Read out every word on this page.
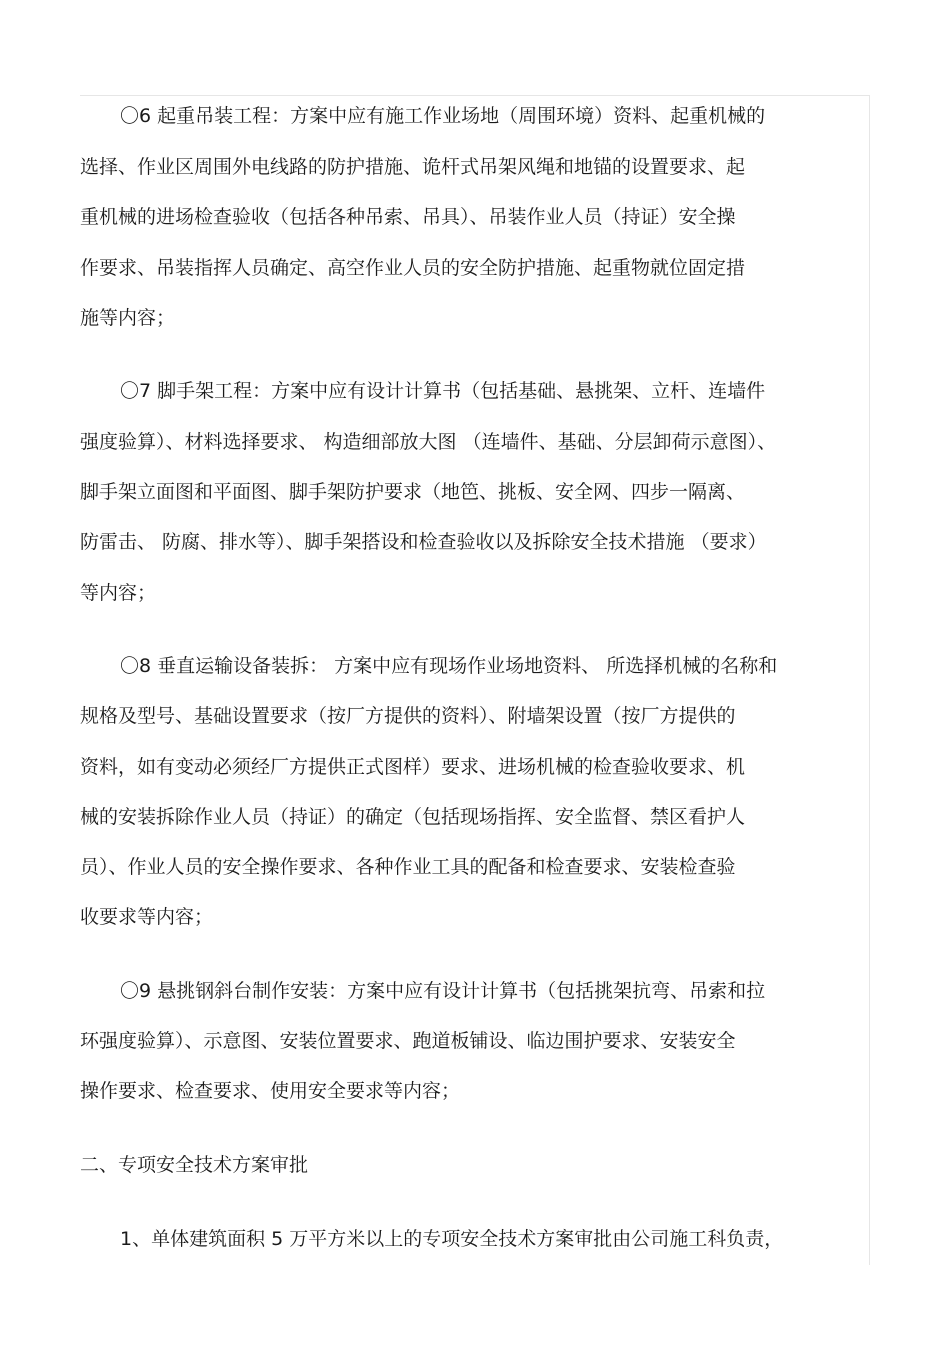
〇6 起重吊装工程：方案中应有施工作业场地（周围环境）资料、起重机械的
选择、作业区周围外电线路的防护措施、诡杆式吊架风绳和地锚的设置要求、起
重机械的进场检查验收（包括各种吊索、吊具）、吊装作业人员（持证）安全操
作要求、吊装指挥人员确定、高空作业人员的安全防护措施、起重物就位固定措
施等内容；
〇7 脚手架工程：方案中应有设计计算书（包括基础、悬挑架、立杆、连墙件
强度验算）、材料选择要求、 构造细部放大图 （连墙件、基础、分层卸荷示意图）、
脚手架立面图和平面图、脚手架防护要求（地笆、挑板、安全网、四步一隔离、
防雷击、 防腐、排水等）、脚手架搭设和检查验收以及拆除安全技术措施 （要求）
等内容；
〇8 垂直运输设备装拆： 方案中应有现场作业场地资料、 所选择机械的名称和
规格及型号、基础设置要求（按厂方提供的资料）、附墙架设置（按厂方提供的
资料，如有变动必须经厂方提供正式图样）要求、进场机械的检查验收要求、机
械的安装拆除作业人员（持证）的确定（包括现场指挥、安全监督、禁区看护人
员）、作业人员的安全操作要求、各种作业工具的配备和检查要求、安装检查验
收要求等内容；
〇9 悬挑钢斜台制作安装：方案中应有设计计算书（包括挑架抗弯、吊索和拉
环强度验算）、示意图、安装位置要求、跑道板铺设、临边围护要求、安装安全
操作要求、检查要求、使用安全要求等内容；
二、专项安全技术方案审批
1、单体建筑面积 5 万平方米以上的专项安全技术方案审批由公司施工科负责，
